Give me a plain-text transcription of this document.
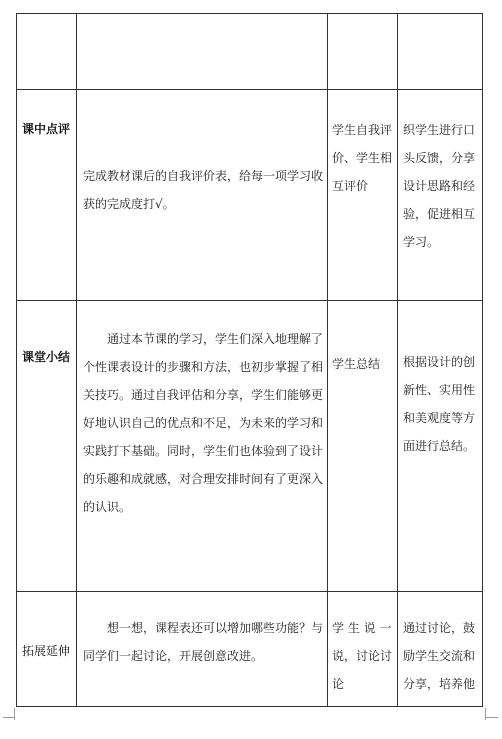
课中点评
完成教材课后的自我评价表，给每一项学习收获的完成度打√。
学生自我评价、学生相互评价
织学生进行口头反馈，分享设计思路和经验，促进相互学习。
课堂小结
通过本节课的学习，学生们深入地理解了个性课表设计的步骤和方法，也初步掌握了相关技巧。通过自我评估和分享，学生们能够更好地认识自己的优点和不足，为未来的学习和实践打下基础。同时，学生们也体验到了设计的乐趣和成就感，对合理安排时间有了更深入的认识。
学生总结	根据设计的创新性、实用性和美观度等方面进行总结。
拓展延伸
想一想，课程表还可以增加哪些功能？与同学们一起讨论，开展创意改进。
学 生 说 一 说，讨论讨论
通过讨论，鼓励学生交流和分享，培养他
